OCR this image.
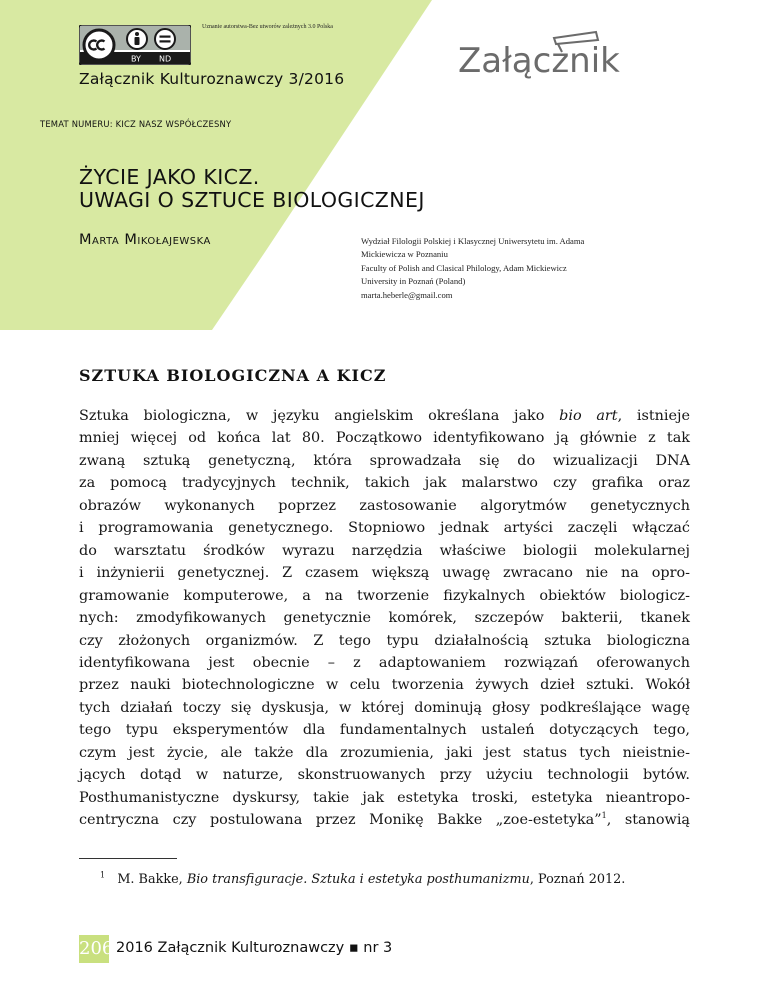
BY ND
Uznanie autorstwa-Bez utworów zależnych 3.0 Polska
Załącznik
Załącznik Kulturoznawczy 3/2016
TEMAT NUMERU: KICZ NASZ WSPÓŁCZESNY
ŻYCIE JAKO KICZ.
UWAGI O SZTUCE BIOLOGICZNEJ
Marta Mikołajewska	Wydział Filologii Polskiej i Klasycznej Uniwersytetu im. Adama
Mickiewicza w Poznaniu
Faculty of Polish and Clasical Philology, Adam Mickiewicz
University in Poznań (Poland)
marta.heberle@gmail.com
SZTUKA BIOLOGICZNA A KICZ
Sztuka biologiczna, w języku angielskim określana jako bio art, istnieje
mniej więcej od końca lat 80. Początkowo identyfikowano ją głównie z tak
zwaną sztuką genetyczną, która sprowadzała się do wizualizacji DNA
za pomocą tradycyjnych technik, takich jak malarstwo czy grafika oraz
obrazów wykonanych poprzez zastosowanie algorytmów genetycznych
i programowania genetycznego. Stopniowo jednak artyści zaczęli włączać
do warsztatu środków wyrazu narzędzia właściwe biologii molekularnej
i inżynierii genetycznej. Z czasem większą uwagę zwracano nie na opro-
gramowanie komputerowe, a na tworzenie fizykalnych obiektów biologicz-
nych: zmodyfikowanych genetycznie komórek, szczepów bakterii, tkanek
czy złożonych organizmów. Z tego typu działalnością sztuka biologiczna
identyfikowana jest obecnie – z adaptowaniem rozwiązań oferowanych
przez nauki biotechnologiczne w celu tworzenia żywych dzieł sztuki. Wokół
tych działań toczy się dyskusja, w której dominują głosy podkreślające wagę
tego typu eksperymentów dla fundamentalnych ustaleń dotyczących tego,
czym jest życie, ale także dla zrozumienia, jaki jest status tych nieistnie-
jących dotąd w naturze, skonstruowanych przy użyciu technologii bytów.
Posthumanistyczne dyskursy, takie jak estetyka troski, estetyka nieantropo-
centryczna czy postulowana przez Monikę Bakke „zoe-estetyka”$^1$, stanowią
$^1$ M. Bakke, Bio transfiguracje. Sztuka i estetyka posthumanizmu, Poznań 2012.
206 2016 Załącznik Kulturoznawczy ▪ nr 3
